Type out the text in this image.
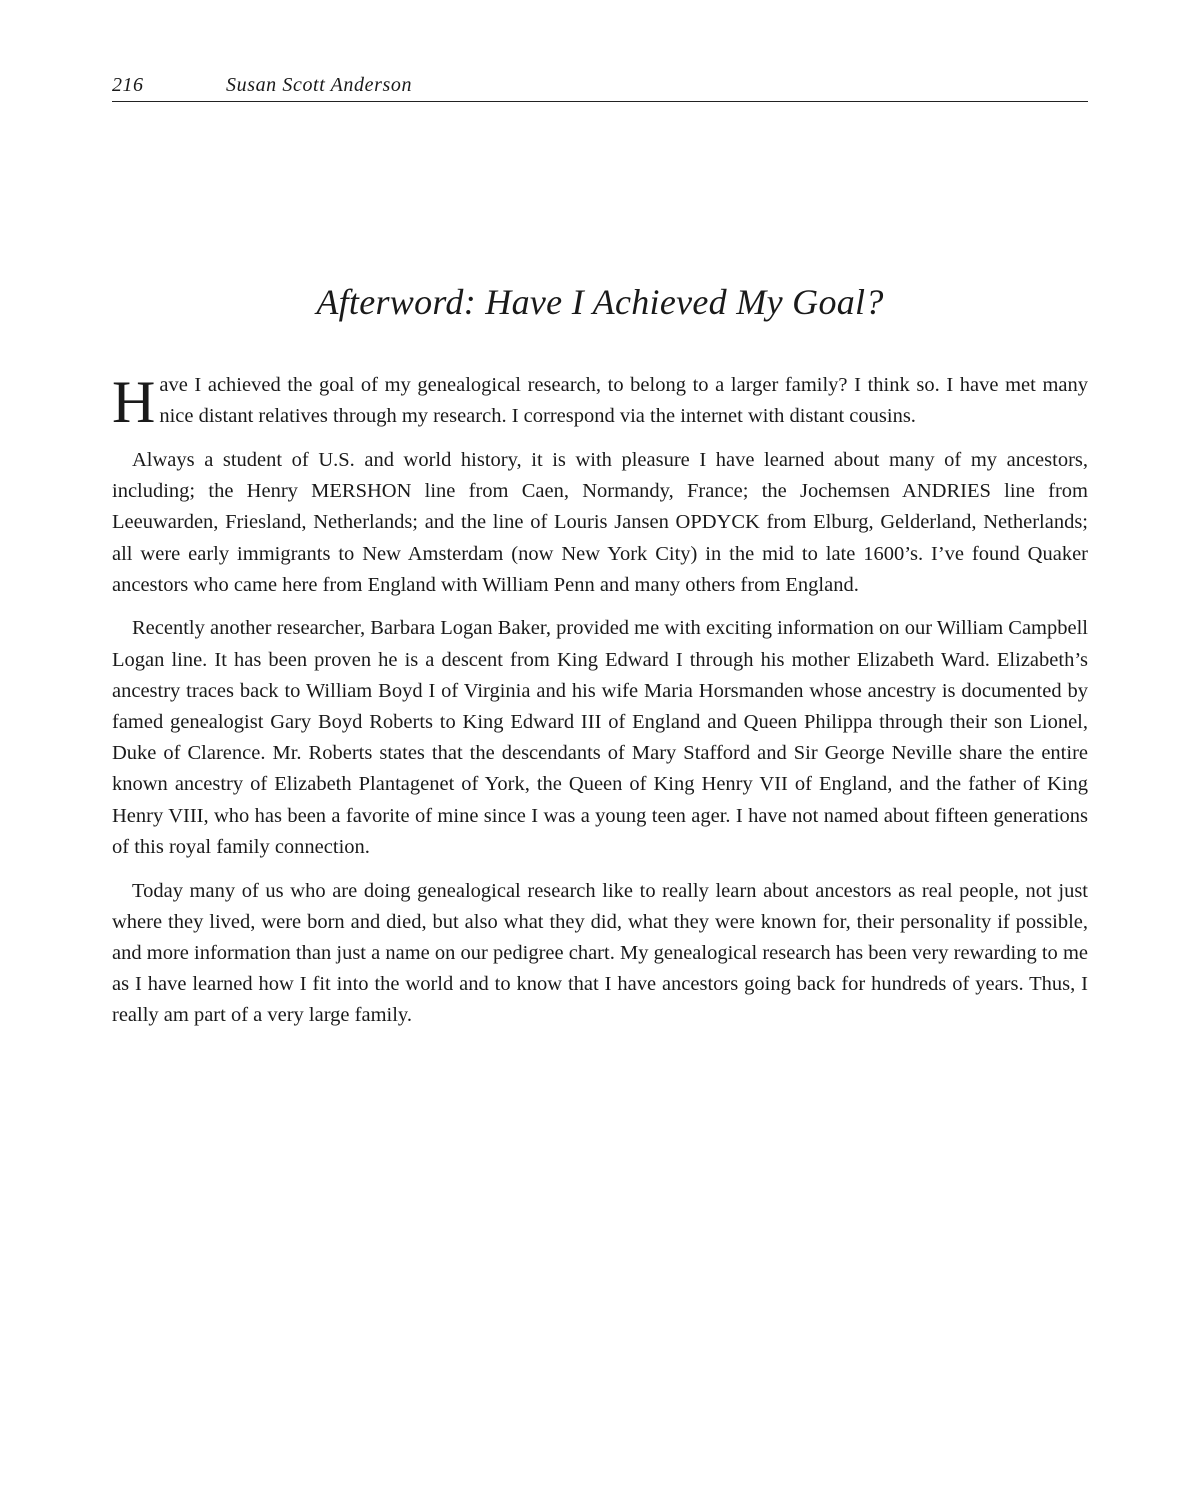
216	Susan Scott Anderson
Afterword: Have I Achieved My Goal?

Have I achieved the goal of my genealogical research, to belong to a larger family? I think so. I have met many nice distant relatives through my research. I correspond via the internet with distant cousins.

Always a student of U.S. and world history, it is with pleasure I have learned about many of my ancestors, including; the Henry MERSHON line from Caen, Normandy, France; the Jochemsen ANDRIES line from Leeuwarden, Friesland, Netherlands; and the line of Louris Jansen OPDYCK from Elburg, Gelderland, Netherlands; all were early immigrants to New Amsterdam (now New York City) in the mid to late 1600’s. I’ve found Quaker ancestors who came here from England with William Penn and many others from England.

Recently another researcher, Barbara Logan Baker, provided me with exciting information on our William Campbell Logan line. It has been proven he is a descent from King Edward I through his mother Elizabeth Ward. Elizabeth’s ancestry traces back to William Boyd I of Virginia and his wife Maria Horsmanden whose ancestry is documented by famed genealogist Gary Boyd Roberts to King Edward III of England and Queen Philippa through their son Lionel, Duke of Clarence. Mr. Roberts states that the descendants of Mary Stafford and Sir George Neville share the entire known ancestry of Elizabeth Plantagenet of York, the Queen of King Henry VII of England, and the father of King Henry VIII, who has been a favorite of mine since I was a young teen ager. I have not named about fifteen generations of this royal family connection.

Today many of us who are doing genealogical research like to really learn about ancestors as real people, not just where they lived, were born and died, but also what they did, what they were known for, their personality if possible, and more information than just a name on our pedigree chart. My genealogical research has been very rewarding to me as I have learned how I fit into the world and to know that I have ancestors going back for hundreds of years. Thus, I really am part of a very large family.
